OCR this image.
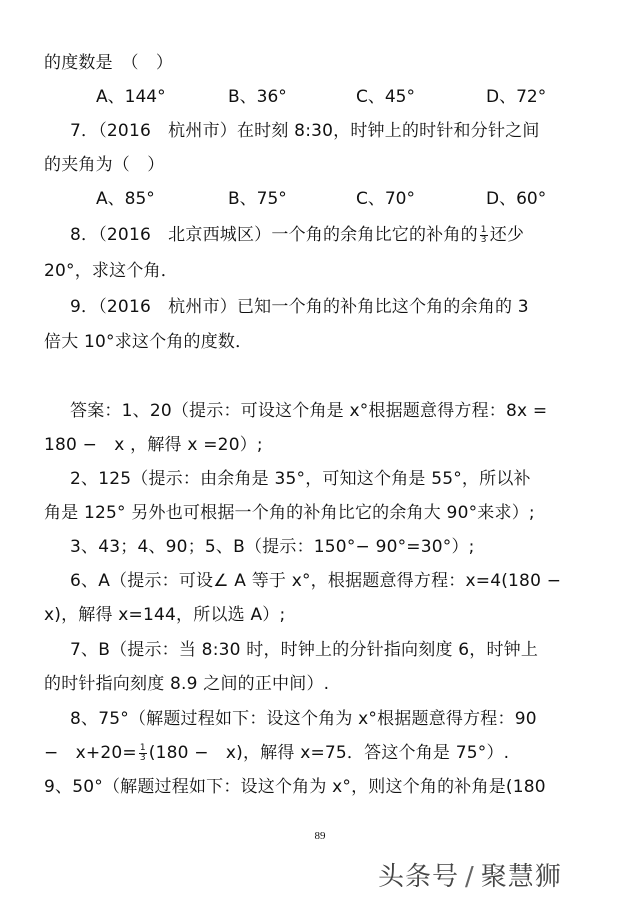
的度数是　（　）
A、144°	B、36°	C、45°	D、72°
7．（2016　杭州市）在时刻 8:30，时钟上的时针和分针之间
的夹角为（　）
A、85°	B、75°	C、70°	D、60°
8．（2016　北京西城区）一个角的余角比它的补角的 $\frac{1}{3}$ 还少
20°，求这个角．
9．（2016　杭州市）已知一个角的补角比这个角的余角的 3
倍大 10°求这个角的度数．
答案：1、20（提示：可设这个角是 x°根据题意得方程：8x =
180 −　x ，解得 x =20）;
2、125（提示：由余角是 35°，可知这个角是 55°，所以补
角是 125° 另外也可根据一个角的补角比它的余角大 90°来求）;
3、43；4、90；5、B（提示：150°− 90°=30°）;
6、A（提示：可设∠ A 等于 x°，根据题意得方程：x=4(180 −
x)，解得 x=144，所以选 A）;
7、B（提示：当 8:30 时，时钟上的分针指向刻度 6，时钟上
的时针指向刻度 8.9 之间的正中间）.
8、75°（解题过程如下：设这个角为 x°根据题意得方程：90
−　$x+20= \frac{1}{3} (180$ −　x)，解得 x=75．答这个角是 75°）.
9、50°（解题过程如下：设这个角为 x°，则这个角的补角是(180
89
头条号 / 聚慧狮
